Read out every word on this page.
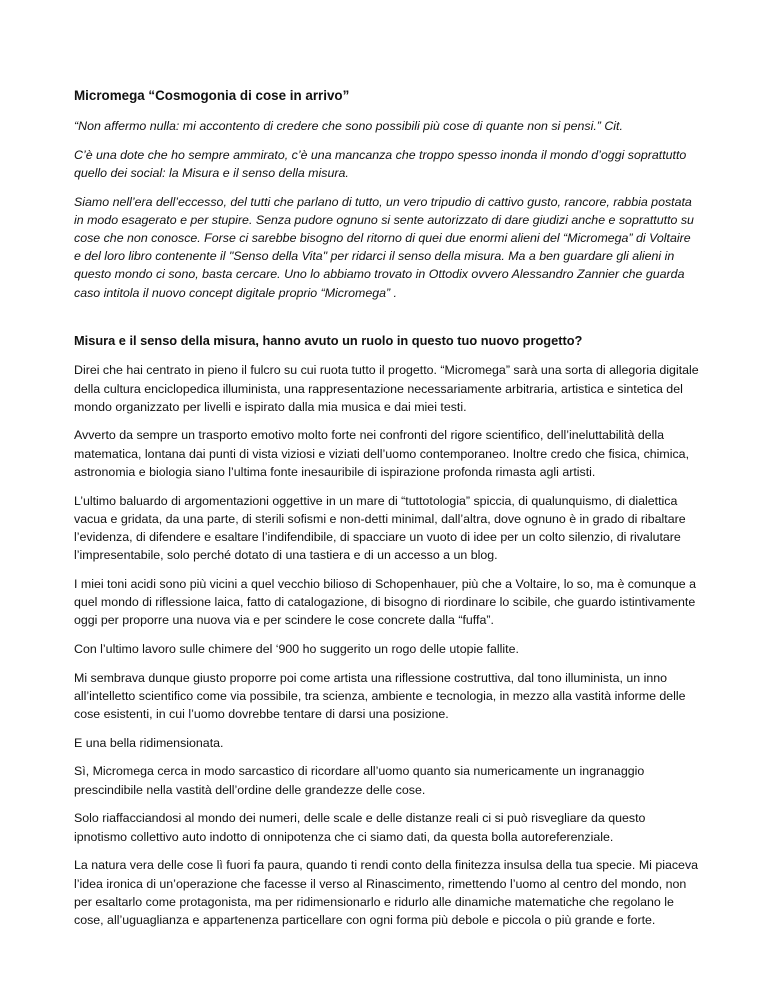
Micromega “Cosmogonia di cose in arrivo”

“Non affermo nulla: mi accontento di credere che sono possibili più cose di quante non si pensi.” Cit.

C’è una dote che ho sempre ammirato, c’è una mancanza che troppo spesso inonda il mondo d’oggi soprattutto quello dei social: la Misura e il senso della misura.

Siamo nell’era dell’eccesso, del tutti che parlano di tutto, un vero tripudio di cattivo gusto, rancore, rabbia postata in modo esagerato e per stupire. Senza pudore ognuno si sente autorizzato di dare giudizi anche e soprattutto su cose che non conosce. Forse ci sarebbe bisogno del ritorno di quei due enormi alieni del “Micromega” di Voltaire e del loro libro contenente il "Senso della Vita" per ridarci il senso della misura. Ma a ben guardare gli alieni in questo mondo ci sono, basta cercare. Uno lo abbiamo trovato in Ottodix ovvero Alessandro Zannier che guarda caso intitola il nuovo concept digitale proprio “Micromega” .

Misura e il senso della misura, hanno avuto un ruolo in questo tuo nuovo progetto?

Direi che hai centrato in pieno il fulcro su cui ruota tutto il progetto. “Micromega” sarà una sorta di allegoria digitale della cultura enciclopedica illuminista, una rappresentazione necessariamente arbitraria, artistica e sintetica del mondo organizzato per livelli e ispirato dalla mia musica e dai miei testi.

Avverto da sempre un trasporto emotivo molto forte nei confronti del rigore scientifico, dell’ineluttabilità della matematica, lontana dai punti di vista viziosi e viziati dell’uomo contemporaneo. Inoltre credo che fisica, chimica, astronomia e biologia siano l’ultima fonte inesauribile di ispirazione profonda rimasta agli artisti.

L’ultimo baluardo di argomentazioni oggettive in un mare di “tuttotologia” spiccia, di qualunquismo, di dialettica vacua e gridata, da una parte, di sterili sofismi e non-detti minimal, dall’altra, dove ognuno è in grado di ribaltare l’evidenza, di difendere e esaltare l’indifendibile, di spacciare un vuoto di idee per un colto silenzio, di rivalutare l’impresentabile, solo perché dotato di una tastiera e di un accesso a un blog.

I miei toni acidi sono più vicini a quel vecchio bilioso di Schopenhauer, più che a Voltaire, lo so, ma è comunque a quel mondo di riflessione laica, fatto di catalogazione, di bisogno di riordinare lo scibile, che guardo istintivamente oggi per proporre una nuova via e per scindere le cose concrete dalla “fuffa”.

Con l’ultimo lavoro sulle chimere del ‘900 ho suggerito un rogo delle utopie fallite.

Mi sembrava dunque giusto proporre poi come artista una riflessione costruttiva, dal tono illuminista, un inno all’intelletto scientifico come via possibile, tra scienza, ambiente e tecnologia, in mezzo alla vastità informe delle cose esistenti, in cui l’uomo dovrebbe tentare di darsi una posizione.

E una bella ridimensionata.

Sì, Micromega cerca in modo sarcastico di ricordare all’uomo quanto sia numericamente un ingranaggio prescindibile nella vastità dell’ordine delle grandezze delle cose.

Solo riaffacciandosi al mondo dei numeri, delle scale e delle distanze reali ci si può risvegliare da questo ipnotismo collettivo auto indotto di onnipotenza che ci siamo dati, da questa bolla autoreferenziale.

La natura vera delle cose lì fuori fa paura, quando ti rendi conto della finitezza insulsa della tua specie. Mi piaceva l’idea ironica di un’operazione che facesse il verso al Rinascimento, rimettendo l’uomo al centro del mondo, non per esaltarlo come protagonista, ma per ridimensionarlo e ridurlo alle dinamiche matematiche che regolano le cose, all’uguaglianza e appartenenza particellare con ogni forma più debole e piccola o più grande e forte.
